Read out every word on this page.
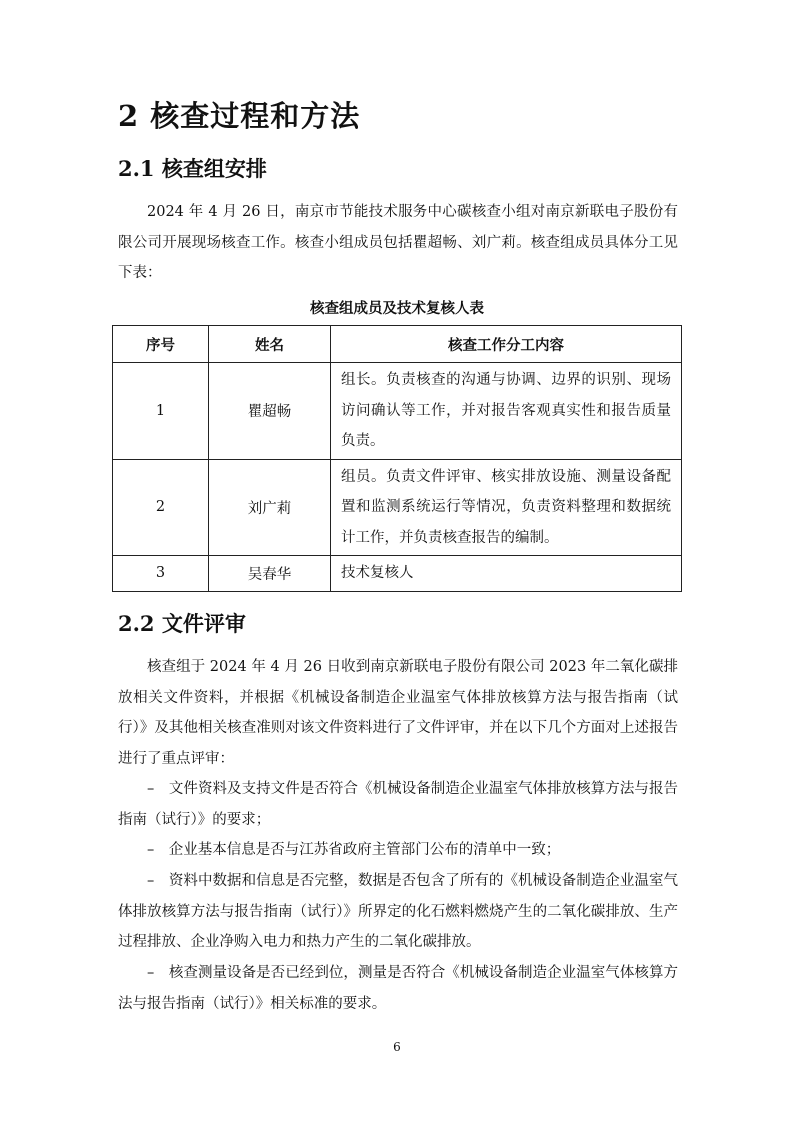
2 核查过程和方法
2.1 核查组安排

2024 年 4 月 26 日，南京市节能技术服务中心碳核查小组对南京新联电子股份有限公司开展现场核查工作。核查小组成员包括瞿超畅、刘广莉。核查组成员具体分工见下表：

核查组成员及技术复核人表

序号	姓名	核查工作分工内容
1	瞿超畅	组长。负责核查的沟通与协调、边界的识别、现场访问确认等工作，并对报告客观真实性和报告质量负责。
2	刘广莉	组员。负责文件评审、核实排放设施、测量设备配置和监测系统运行等情况，负责资料整理和数据统计工作，并负责核查报告的编制。
3	吴春华	技术复核人
2.2 文件评审

核查组于 2024 年 4 月 26 日收到南京新联电子股份有限公司 2023 年二氧化碳排放相关文件资料，并根据《机械设备制造企业温室气体排放核算方法与报告指南（试行）》及其他相关核查准则对该文件资料进行了文件评审，并在以下几个方面对上述报告进行了重点评审：

–　文件资料及支持文件是否符合《机械设备制造企业温室气体排放核算方法与报告指南（试行）》的要求；

–　企业基本信息是否与江苏省政府主管部门公布的清单中一致；

–　资料中数据和信息是否完整，数据是否包含了所有的《机械设备制造企业温室气体排放核算方法与报告指南（试行）》所界定的化石燃料燃烧产生的二氧化碳排放、生产过程排放、企业净购入电力和热力产生的二氧化碳排放。

–　核查测量设备是否已经到位，测量是否符合《机械设备制造企业温室气体核算方法与报告指南（试行）》相关标准的要求。

6
